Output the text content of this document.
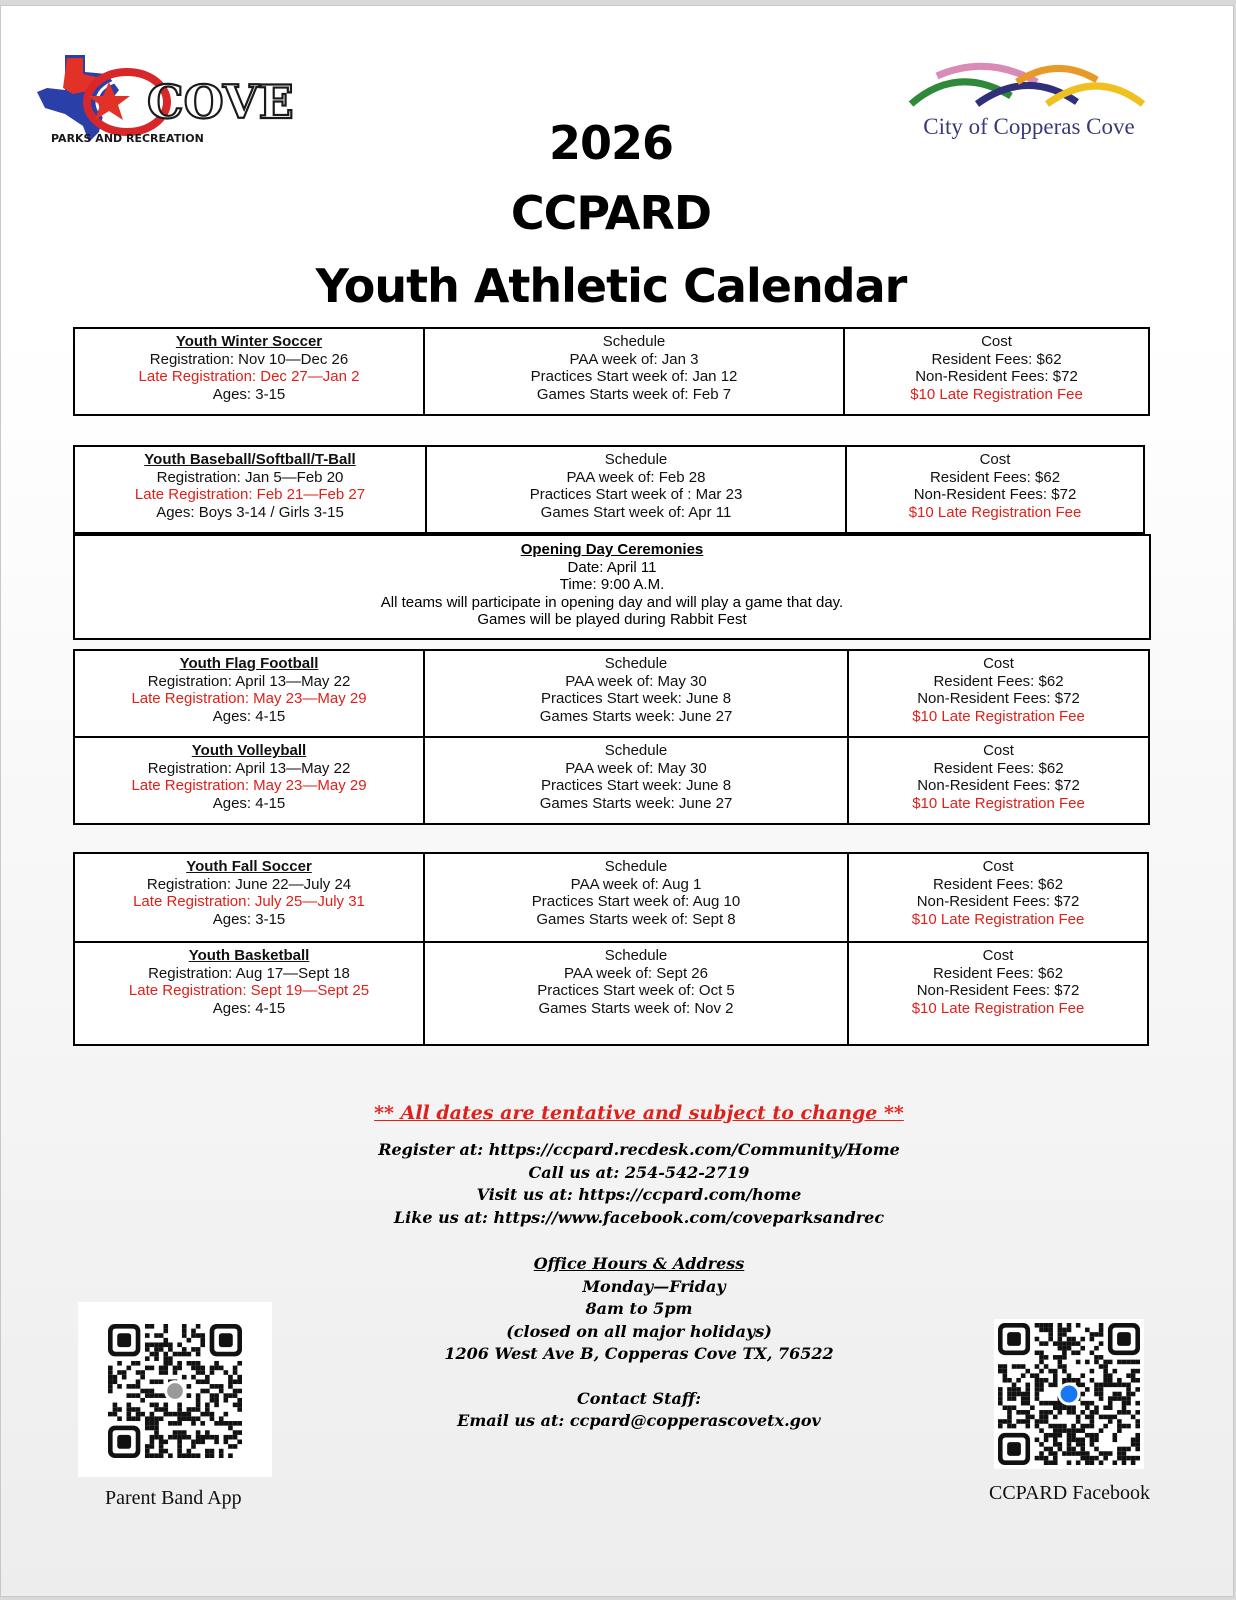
COVE
PARKS AND RECREATION	City of Copperas Cove
2026
CCPARD
Youth Athletic Calendar
Youth Winter Soccer
Registration: Nov 10—Dec 26
Late Registration: Dec 27—Jan 2
Ages: 3-15
Schedule
PAA week of: Jan 3
Practices Start week of: Jan 12
Games Starts week of: Feb 7
Cost
Resident Fees: $62
Non-Resident Fees: $72
$10 Late Registration Fee
Youth Baseball/Softball/T-Ball
Registration: Jan 5—Feb 20
Late Registration: Feb 21—Feb 27
Ages: Boys 3-14 / Girls 3-15
Schedule
PAA week of: Feb 28
Practices Start week of : Mar 23
Games Start week of: Apr 11
Cost
Resident Fees: $62
Non-Resident Fees: $72
$10 Late Registration Fee
Opening Day Ceremonies
Date: April 11
Time: 9:00 A.M.
All teams will participate in opening day and will play a game that day.
Games will be played during Rabbit Fest
Youth Flag Football
Registration: April 13—May 22
Late Registration: May 23—May 29
Ages: 4-15
Schedule
PAA week of: May 30
Practices Start week: June 8
Games Starts week: June 27
Cost
Resident Fees: $62
Non-Resident Fees: $72
$10 Late Registration Fee
Youth Volleyball
Registration: April 13—May 22
Late Registration: May 23—May 29
Ages: 4-15
Schedule
PAA week of: May 30
Practices Start week: June 8
Games Starts week: June 27
Cost
Resident Fees: $62
Non-Resident Fees: $72
$10 Late Registration Fee
Youth Fall Soccer
Registration: June 22—July 24
Late Registration: July 25—July 31
Ages: 3-15
Schedule
PAA week of: Aug 1
Practices Start week of: Aug 10
Games Starts week of: Sept 8
Cost
Resident Fees: $62
Non-Resident Fees: $72
$10 Late Registration Fee
Youth Basketball
Registration: Aug 17—Sept 18
Late Registration: Sept 19—Sept 25
Ages: 4-15
Schedule
PAA week of: Sept 26
Practices Start week of: Oct 5
Games Starts week of: Nov 2
Cost
Resident Fees: $62
Non-Resident Fees: $72
$10 Late Registration Fee
** All dates are tentative and subject to change **
Register at: https://ccpard.recdesk.com/Community/Home
Call us at: 254-542-2719
Visit us at: https://ccpard.com/home
Like us at: https://www.facebook.com/coveparksandrec
Office Hours & Address
Monday—Friday
8am to 5pm
(closed on all major holidays)
1206 West Ave B, Copperas Cove TX, 76522
Contact Staff:
Email us at: ccpard@copperascovetx.gov
Parent Band App	CCPARD Facebook
